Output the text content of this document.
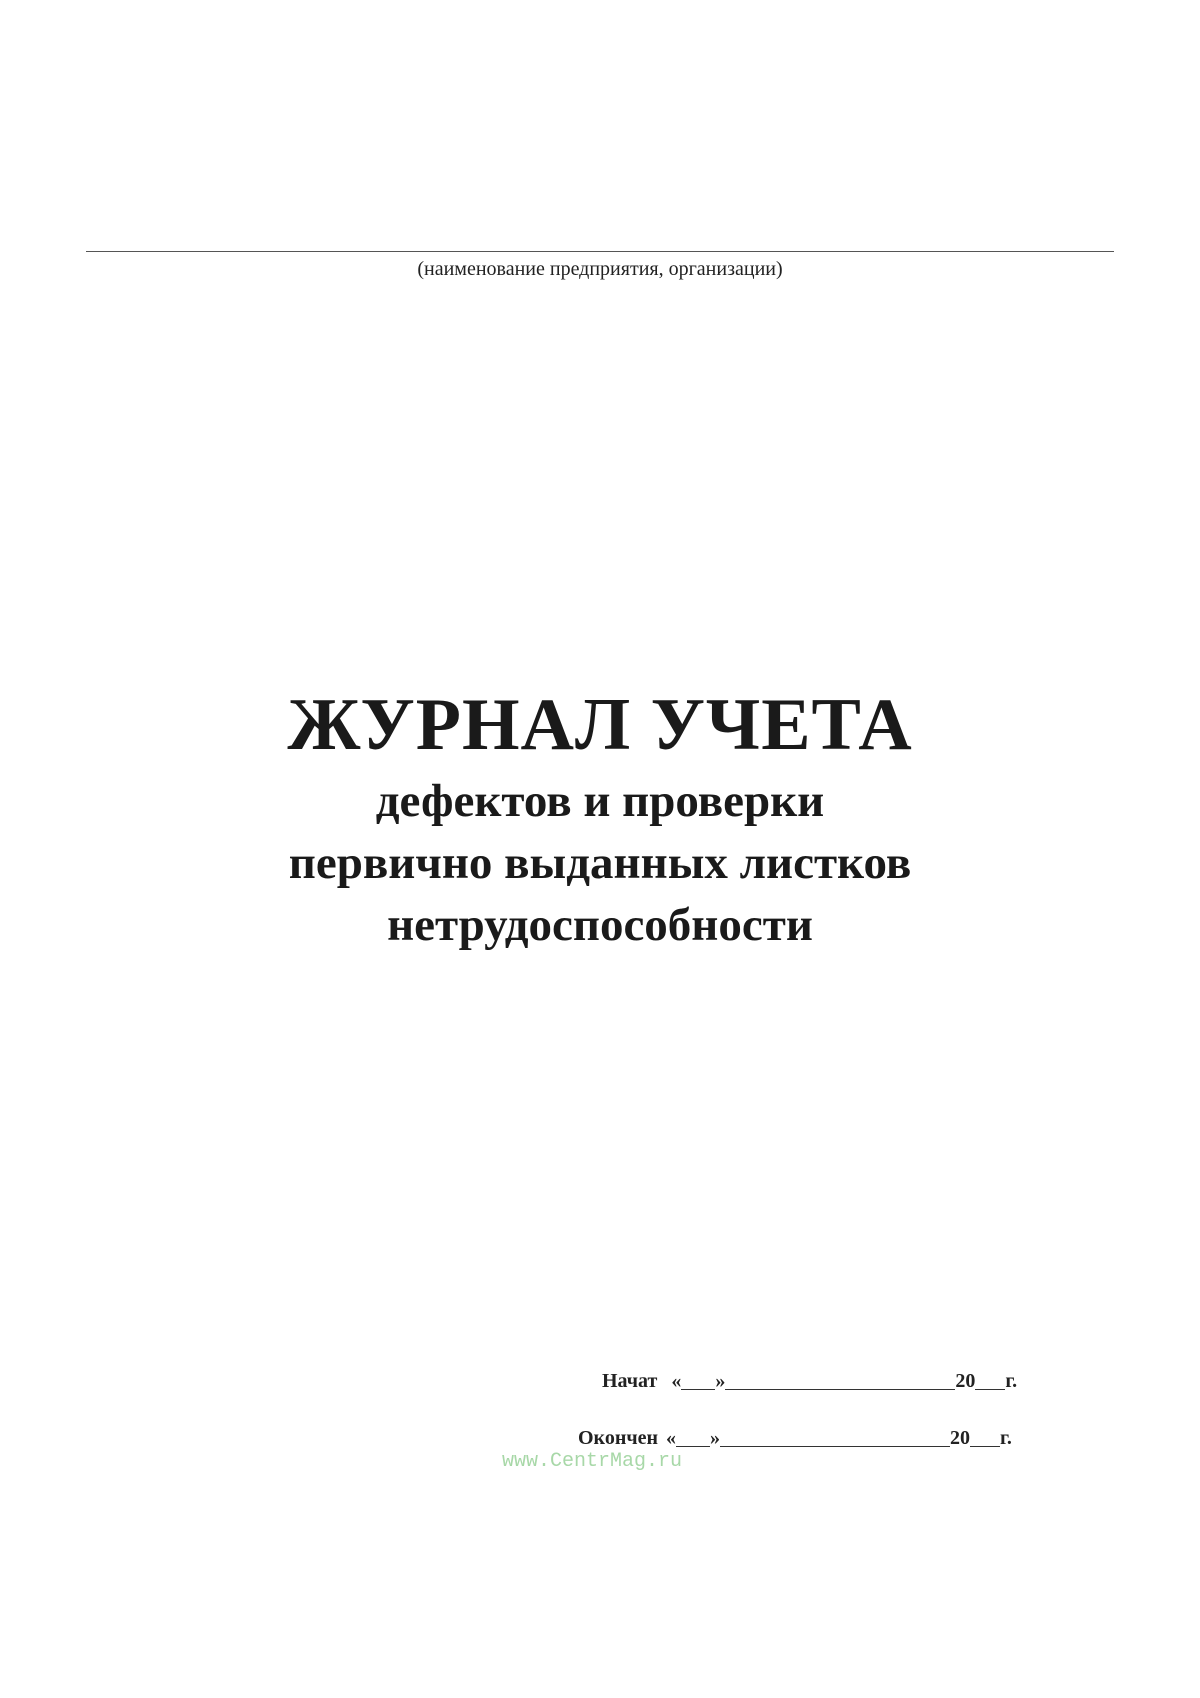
(наименование предприятия, организации)
ЖУРНАЛ УЧЕТА
дефектов и проверки
первично выданных листков
нетрудоспособности
Начат « »	20 г.
Окончен « »	20 г.
www.CentrMag.ru
